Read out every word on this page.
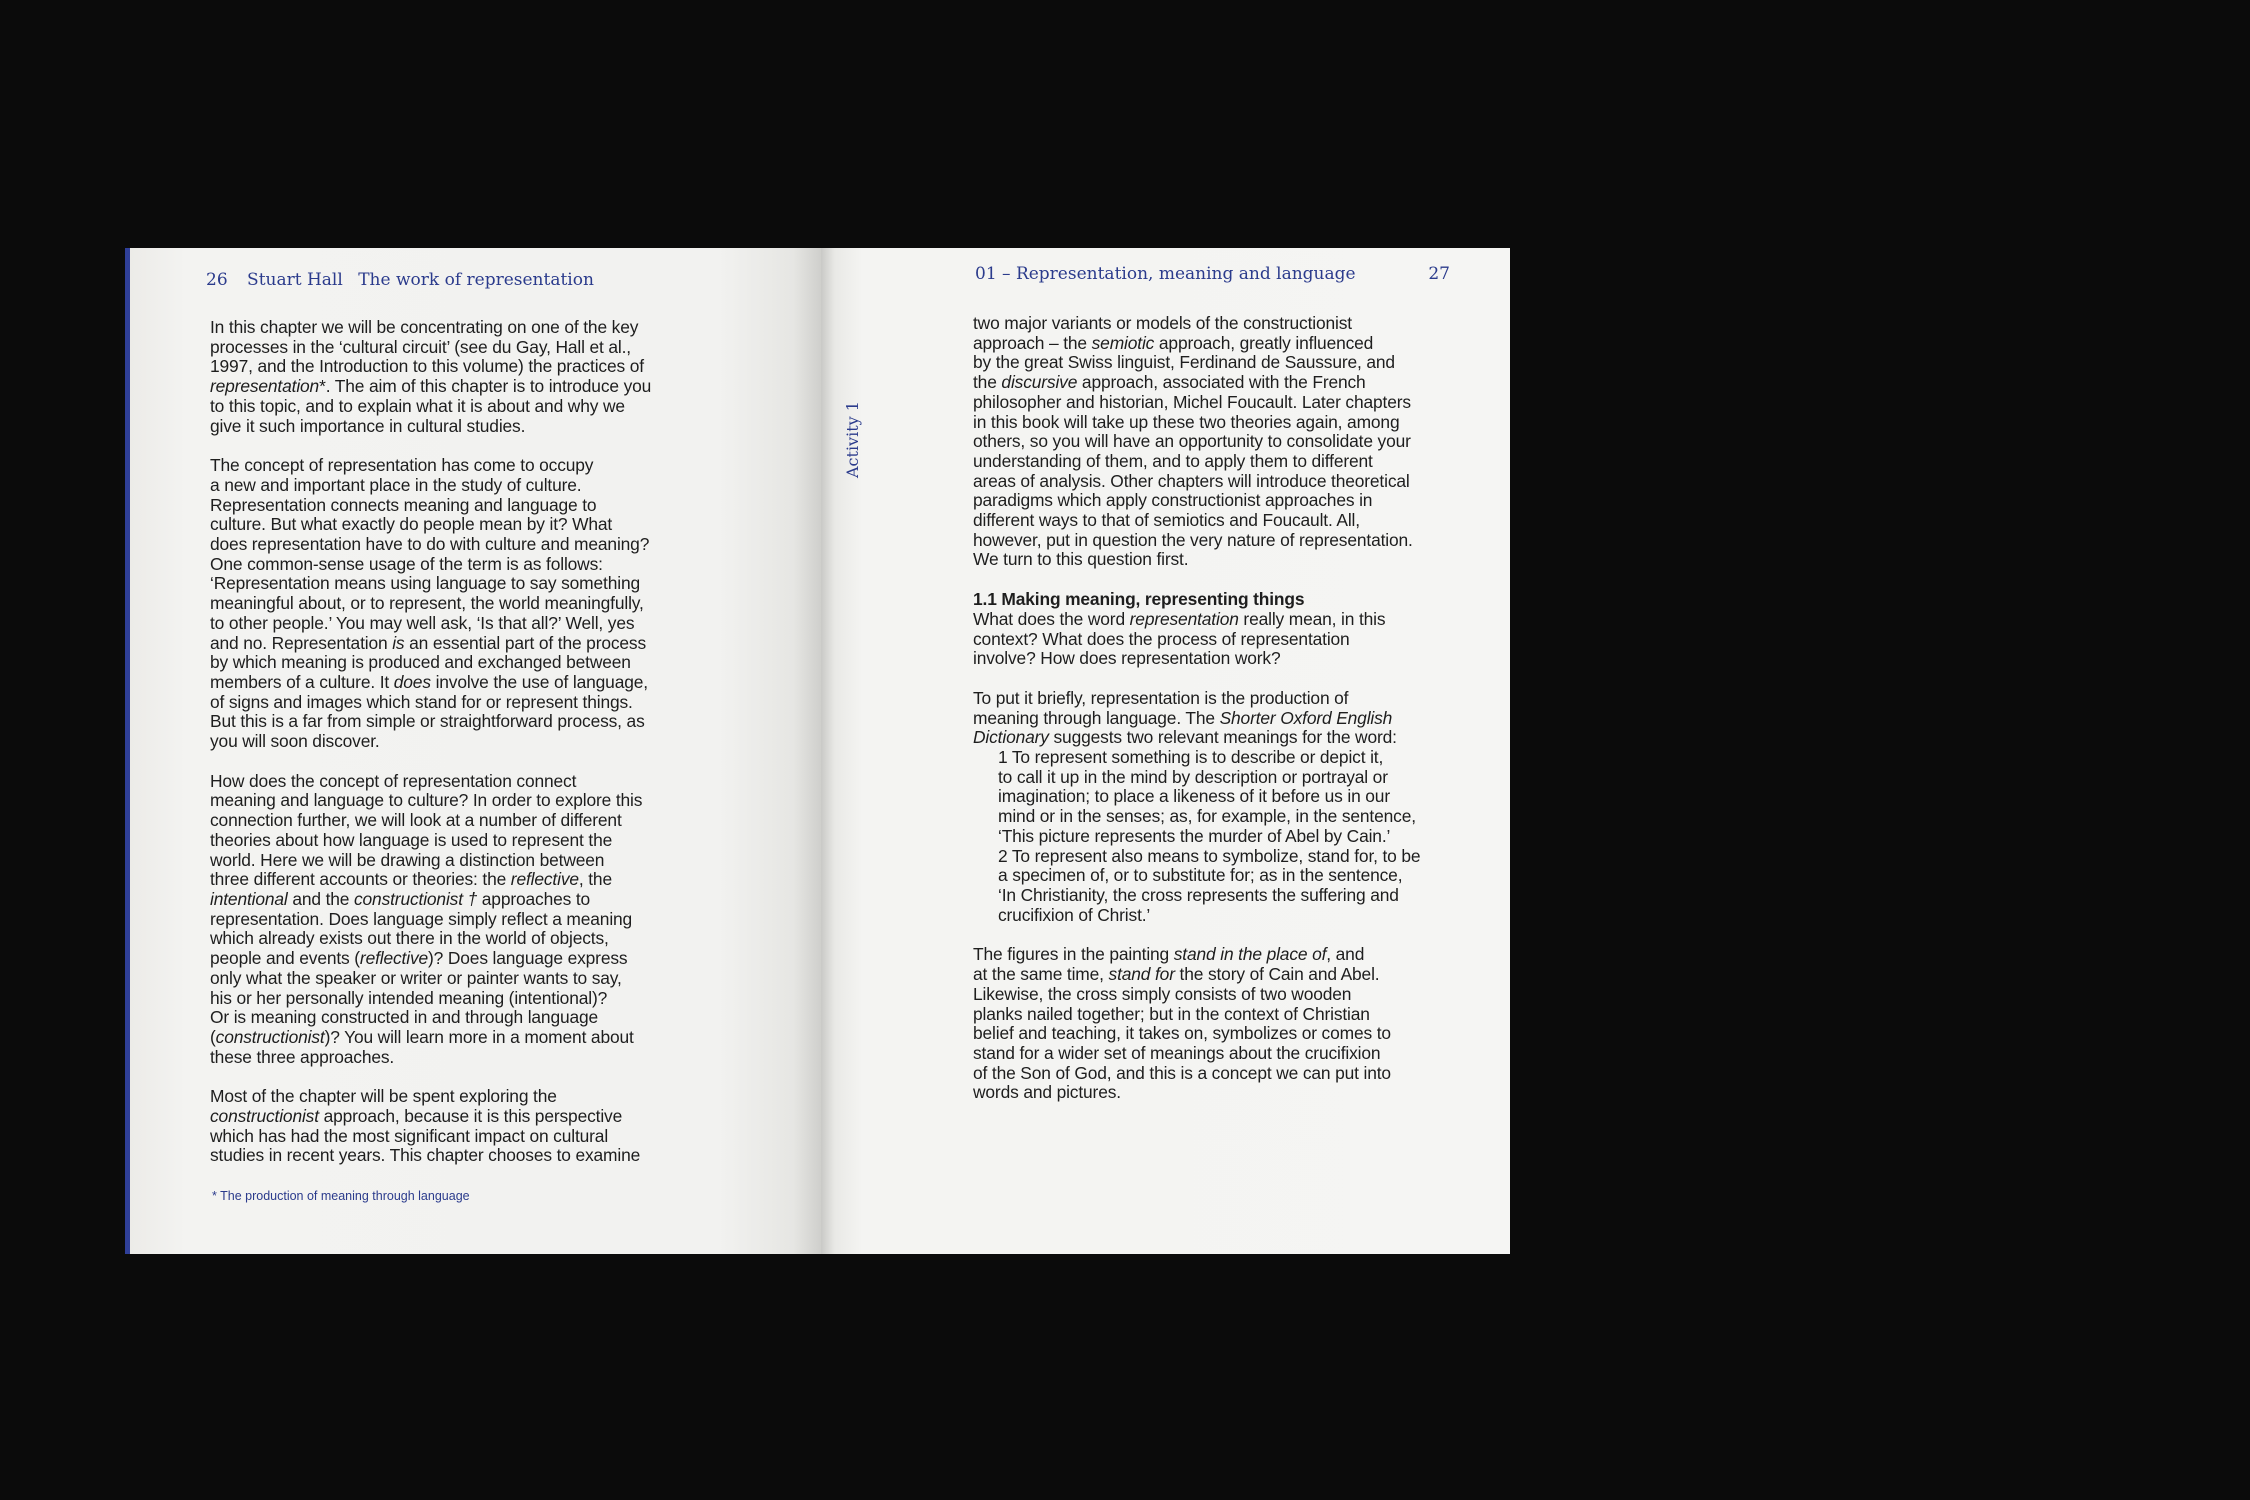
26 Stuart Hall The work of representation

In this chapter we will be concentrating on one of the key
processes in the ‘cultural circuit’ (see du Gay, Hall et al.,
1997, and the Introduction to this volume) the practices of
representation*. The aim of this chapter is to introduce you
to this topic, and to explain what it is about and why we
give it such importance in cultural studies.

The concept of representation has come to occupy
a new and important place in the study of culture.
Representation connects meaning and language to
culture. But what exactly do people mean by it? What
does representation have to do with culture and meaning?
One common-sense usage of the term is as follows:
‘Representation means using language to say something
meaningful about, or to represent, the world meaningfully,
to other people.’ You may well ask, ‘Is that all?’ Well, yes
and no. Representation is an essential part of the process
by which meaning is produced and exchanged between
members of a culture. It does involve the use of language,
of signs and images which stand for or represent things.
But this is a far from simple or straightforward process, as
you will soon discover.

How does the concept of representation connect
meaning and language to culture? In order to explore this
connection further, we will look at a number of different
theories about how language is used to represent the
world. Here we will be drawing a distinction between
three different accounts or theories: the reflective, the
intentional and the constructionist † approaches to
representation. Does language simply reflect a meaning
which already exists out there in the world of objects,
people and events (reflective)? Does language express
only what the speaker or writer or painter wants to say,
his or her personally intended meaning (intentional)?
Or is meaning constructed in and through language
(constructionist)? You will learn more in a moment about
these three approaches.

Most of the chapter will be spent exploring the
constructionist approach, because it is this perspective
which has had the most significant impact on cultural
studies in recent years. This chapter chooses to examine

* The production of meaning through language
01 – Representation, meaning and language	27
Activity 1

two major variants or models of the constructionist
approach – the semiotic approach, greatly influenced
by the great Swiss linguist, Ferdinand de Saussure, and
the discursive approach, associated with the French
philosopher and historian, Michel Foucault. Later chapters
in this book will take up these two theories again, among
others, so you will have an opportunity to consolidate your
understanding of them, and to apply them to different
areas of analysis. Other chapters will introduce theoretical
paradigms which apply constructionist approaches in
different ways to that of semiotics and Foucault. All,
however, put in question the very nature of representation.
We turn to this question first.

1.1 Making meaning, representing things
What does the word representation really mean, in this
context? What does the process of representation
involve? How does representation work?

To put it briefly, representation is the production of
meaning through language. The Shorter Oxford English
Dictionary suggests two relevant meanings for the word:
1 To represent something is to describe or depict it,
to call it up in the mind by description or portrayal or
imagination; to place a likeness of it before us in our
mind or in the senses; as, for example, in the sentence,
‘This picture represents the murder of Abel by Cain.’
2 To represent also means to symbolize, stand for, to be
a specimen of, or to substitute for; as in the sentence,
‘In Christianity, the cross represents the suffering and
crucifixion of Christ.’

The figures in the painting stand in the place of, and
at the same time, stand for the story of Cain and Abel.
Likewise, the cross simply consists of two wooden
planks nailed together; but in the context of Christian
belief and teaching, it takes on, symbolizes or comes to
stand for a wider set of meanings about the crucifixion
of the Son of God, and this is a concept we can put into
words and pictures.
